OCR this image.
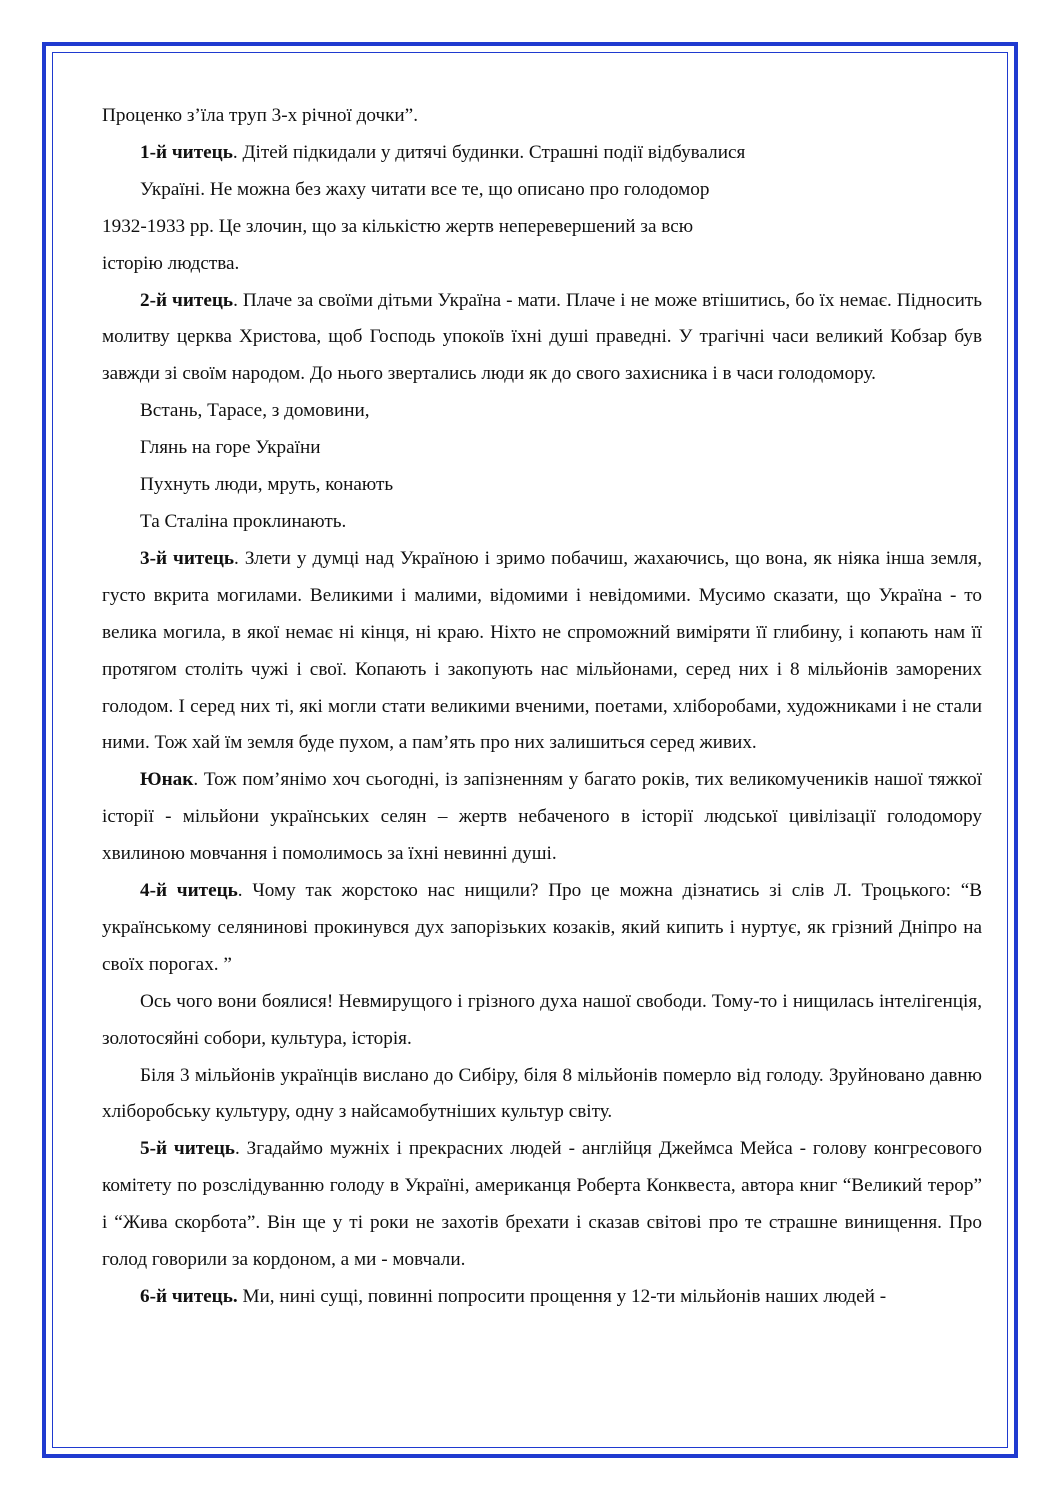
Проценко з’їла труп 3-х річної дочки”.

1-й читець. Дітей підкидали у дитячі будинки. Страшні події відбувалися
Україні. Не можна без жаху читати все те, що описано про голодомор
1932-1933 рр. Це злочин, що за кількістю жертв неперевершений за всю
історію людства.

2-й читець. Плаче за своїми дітьми Україна - мати. Плаче і не може втішитись, бо їх немає. Підносить молитву церква Христова, щоб Господь упокоїв їхні душі праведні. У трагічні часи великий Кобзар був завжди зі своїм народом. До нього звертались люди як до свого захисника і в часи голодомору.

Встань, Тарасе, з домовини,
Глянь на горе України
Пухнуть люди, мруть, конають
Та Сталіна проклинають.

3-й читець. Злети у думці над Україною і зримо побачиш, жахаючись, що вона, як ніяка інша земля, густо вкрита могилами. Великими і малими, відомими і невідомими. Мусимо сказати, що Україна - то велика могила, в якої немає ні кінця, ні краю. Ніхто не спроможний виміряти її глибину, і копають нам її протягом століть чужі і свої. Копають і закопують нас мільйонами, серед них і 8 мільйонів заморених голодом. І серед них ті, які могли стати великими вченими, поетами, хліборобами, художниками і не стали ними. Тож хай їм земля буде пухом, а пам’ять про них залишиться серед живих.

Юнак. Тож пом’янімо хоч сьогодні, із запізненням у багато років, тих великомучеників нашої тяжкої історії - мільйони українських селян – жертв небаченого в історії людської цивілізації голодомору хвилиною мовчання і помолимось за їхні невинні душі.

4-й читець. Чому так жорстоко нас нищили? Про це можна дізнатись зі слів Л. Троцького: “В українському селянинові прокинувся дух запорізьких козаків, який кипить і нуртує, як грізний Дніпро на своїх порогах. ”

Ось чого вони боялися! Невмирущого і грізного духа нашої свободи. Тому-то і нищилась інтелігенція, золотосяйні собори, культура, історія.

Біля 3 мільйонів українців вислано до Сибіру, біля 8 мільйонів померло від голоду. Зруйновано давню хліборобську культуру, одну з найсамобутніших культур світу.

5-й читець. Згадаймо мужніх і прекрасних людей - англійця Джеймса Мейса - голову конгресового комітету по розслідуванню голоду в Україні, американця Роберта Конквеста, автора книг “Великий терор” і “Жива скорбота”. Він ще у ті роки не захотів брехати і сказав світові про те страшне винищення. Про голод говорили за кордоном, а ми - мовчали.

6-й читець. Ми, нині сущі, повинні попросити прощення у 12-ти мільйонів наших людей -
